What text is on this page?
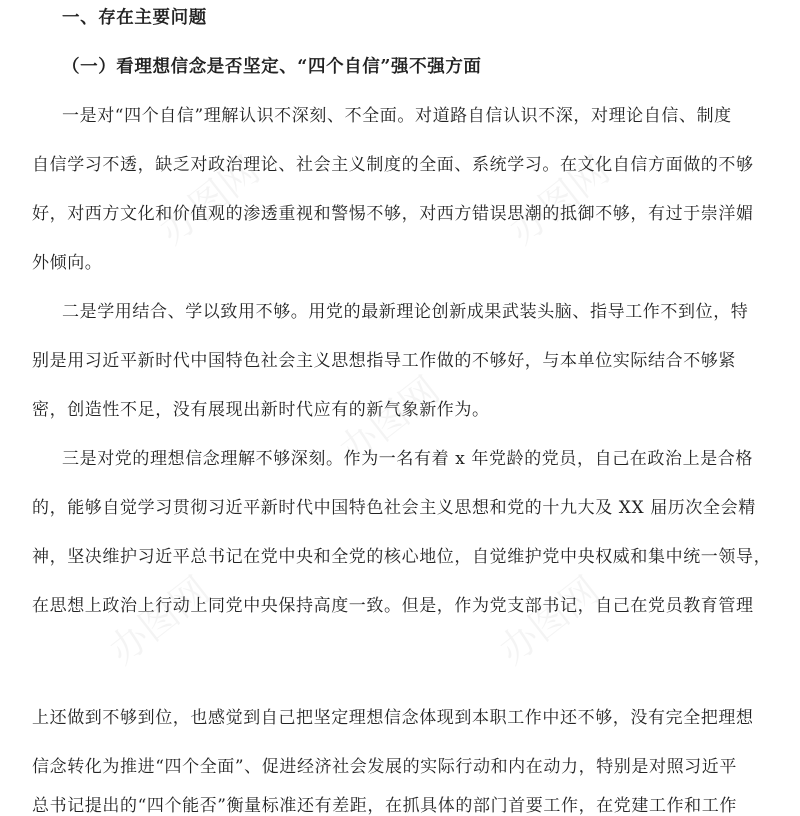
一、存在主要问题
（一）看理想信念是否坚定、“四个自信”强不强方面
一是对“四个自信”理解认识不深刻、不全面。对道路自信认识不深，对理论自信、制度
自信学习不透，缺乏对政治理论、社会主义制度的全面、系统学习。在文化自信方面做的不够
好，对西方文化和价值观的渗透重视和警惕不够，对西方错误思潮的抵御不够，有过于崇洋媚
外倾向。
二是学用结合、学以致用不够。用党的最新理论创新成果武装头脑、指导工作不到位，特
别是用习近平新时代中国特色社会主义思想指导工作做的不够好，与本单位实际结合不够紧
密，创造性不足，没有展现出新时代应有的新气象新作为。
三是对党的理想信念理解不够深刻。作为一名有着 x 年党龄的党员，自己在政治上是合格
的，能够自觉学习贯彻习近平新时代中国特色社会主义思想和党的十九大及 XX 届历次全会精
神，坚决维护习近平总书记在党中央和全党的核心地位，自觉维护党中央权威和集中统一领导，
在思想上政治上行动上同党中央保持高度一致。但是，作为党支部书记，自己在党员教育管理
上还做到不够到位，也感觉到自己把坚定理想信念体现到本职工作中还不够，没有完全把理想
信念转化为推进“四个全面”、促进经济社会发展的实际行动和内在动力，特别是对照习近平
总书记提出的“四个能否”衡量标准还有差距，在抓具体的部门首要工作，在党建工作和工作
